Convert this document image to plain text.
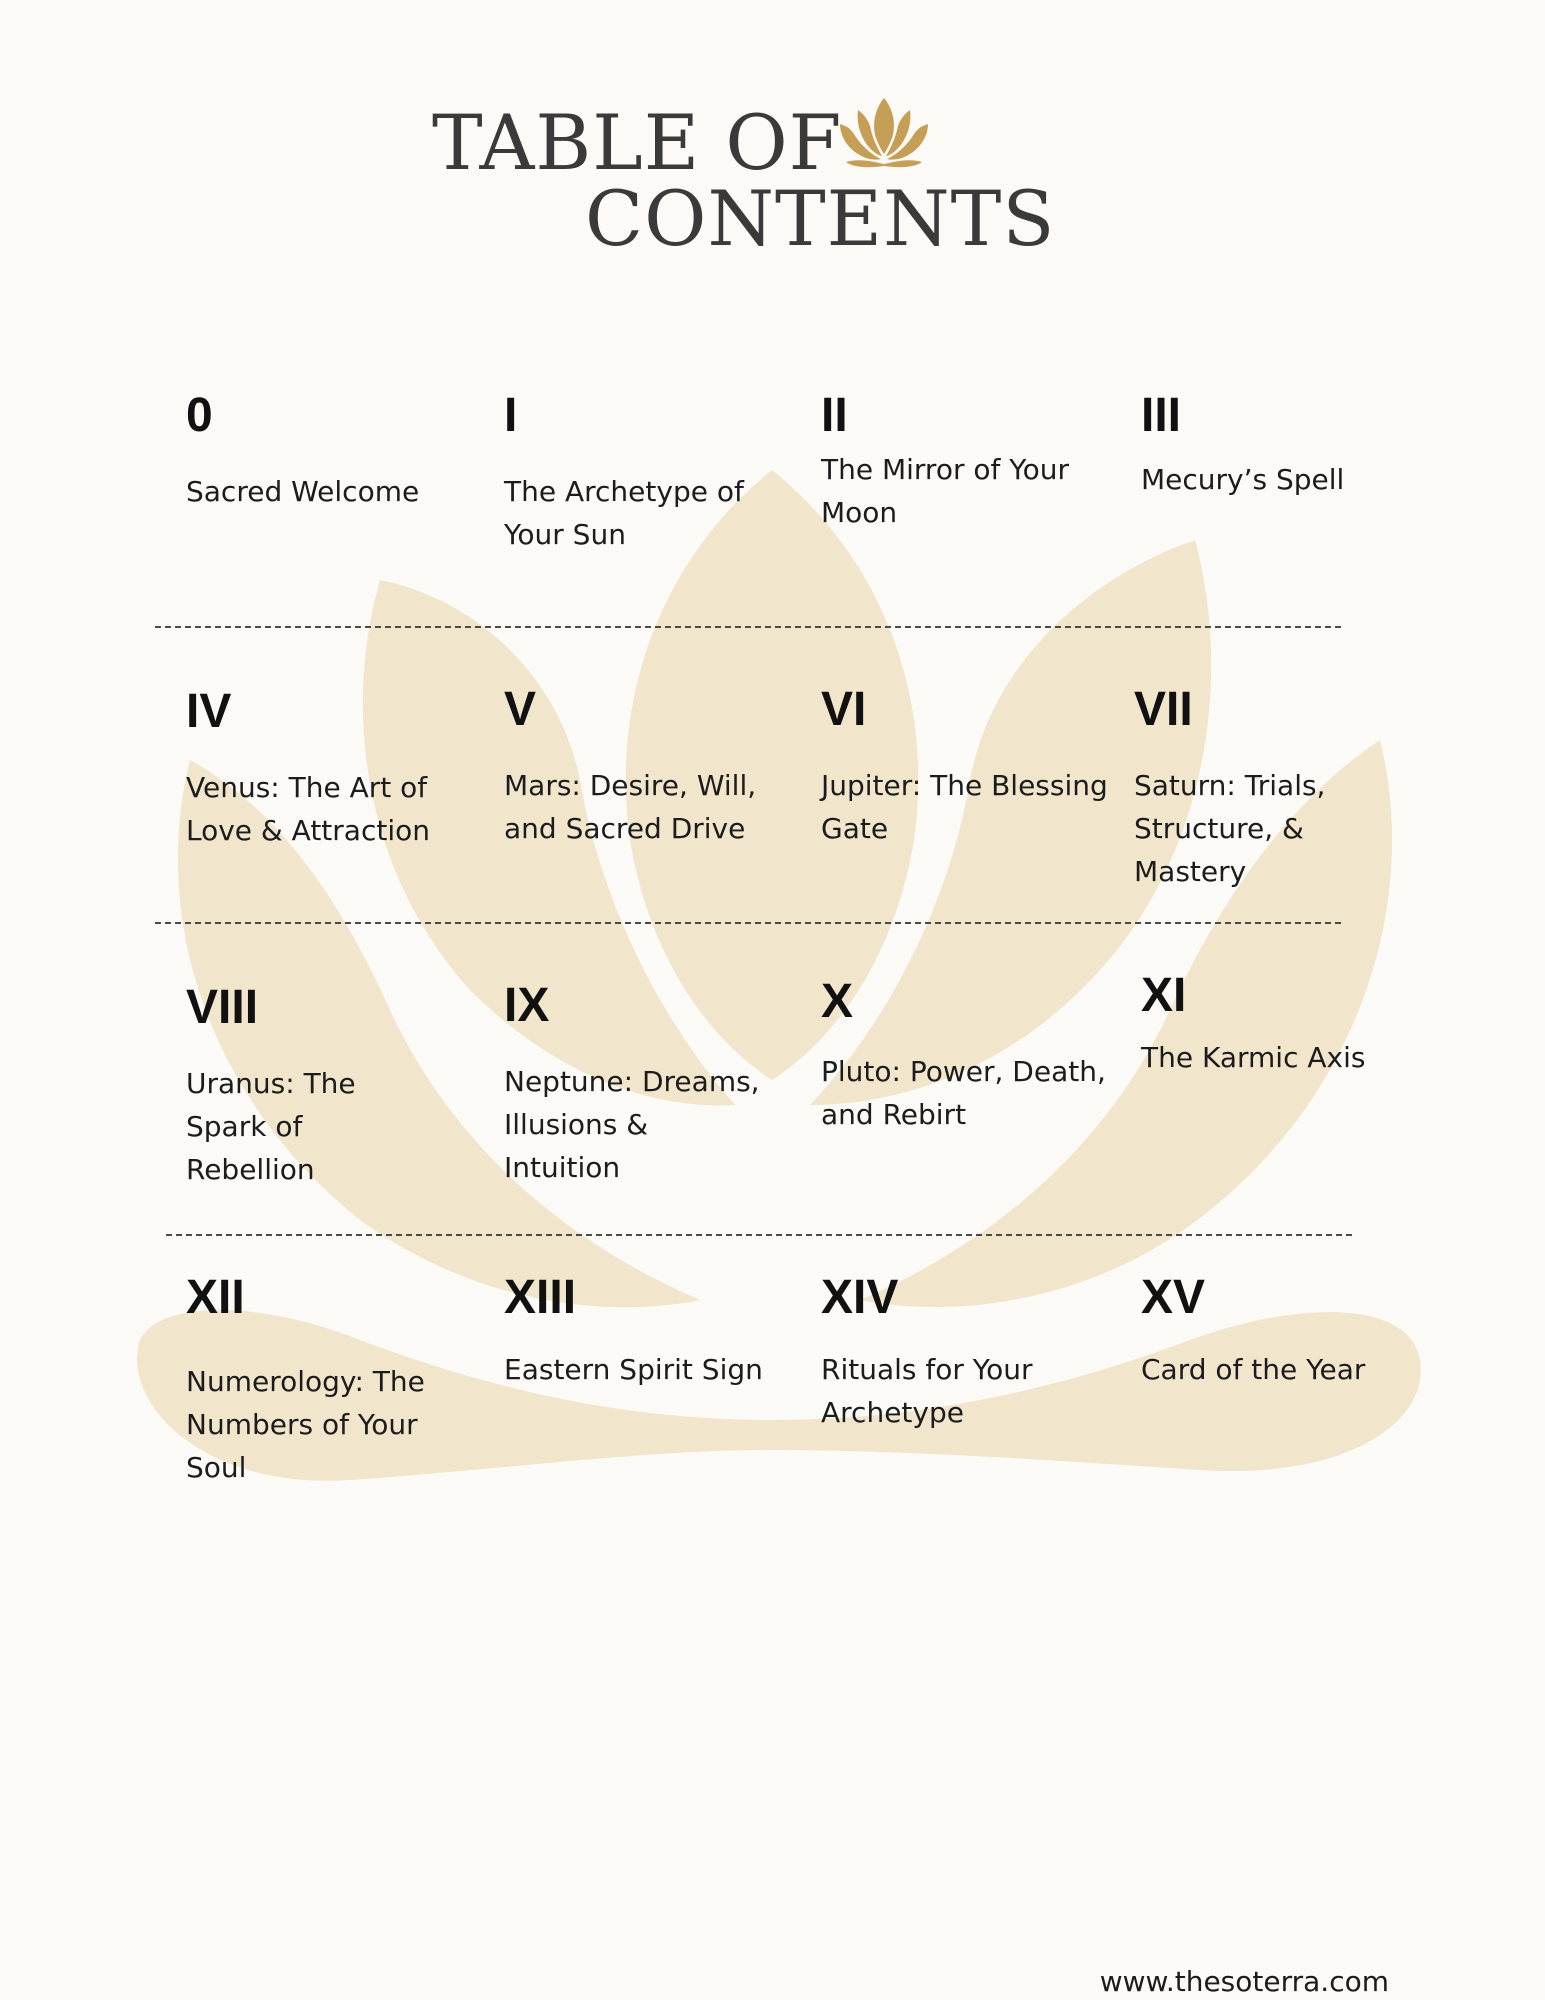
TABLE OF
CONTENTS
0
Sacred Welcome
I
The Archetype of Your Sun
II
The Mirror of Your Moon
III
Mecury’s Spell
IV
Venus: The Art of Love & Attraction
V
Mars: Desire, Will, and Sacred Drive
VI
Jupiter: The Blessing Gate
VII
Saturn: Trials, Structure, & Mastery
VIII
Uranus: The Spark of Rebellion
IX
Neptune: Dreams, Illusions & Intuition
X
Pluto: Power, Death, and Rebirt
XI
The Karmic Axis
XII
Numerology: The Numbers of Your Soul
XIII
Eastern Spirit Sign
XIV
Rituals for Your Archetype
XV
Card of the Year
www.thesoterra.com
